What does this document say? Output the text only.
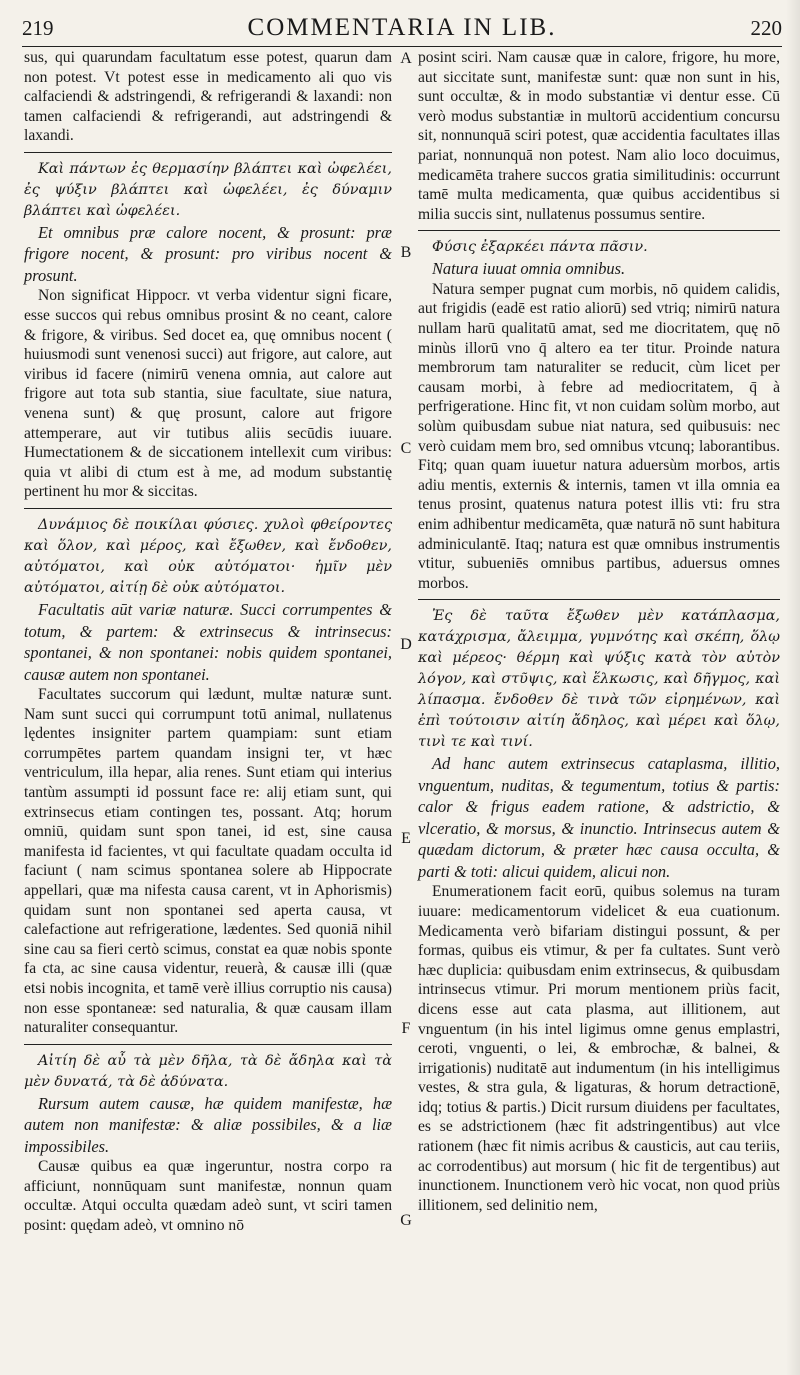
219	COMMENTARIA IN LIB.	220

sus, qui quarundam facultatum esse potest, quarun dam non potest. Vt potest esse in medicamento ali quo vis calfaciendi & adstringendi, & refrigerandi & laxandi: non tamen calfaciendi & refrigerandi, aut adstringendi & laxandi.

Καὶ πάντων ἐς θερμασίην βλάπτει καὶ ὠφελέει, ἐς ψύξιν βλάπτει καὶ ὠφελέει, ἐς δύναμιν βλάπτει καὶ ὠφελέει.

Et omnibus præ calore nocent, & prosunt: præ frigore nocent, & prosunt: pro viribus nocent & prosunt.

Non significat Hippocr. vt verba videntur signi ficare, esse succos qui rebus omnibus prosint & no ceant, calore & frigore, & viribus. Sed docet ea, quę omnibus nocent ( huiusmodi sunt venenosi succi) aut frigore, aut calore, aut viribus id facere (nimirū venena omnia, aut calore aut frigore aut tota sub stantia, siue facultate, siue natura, venena sunt) & quę prosunt, calore aut frigore attemperare, aut vir tutibus aliis secūdis iuuare. Humectationem & de siccationem intellexit cum viribus: quia vt alibi di ctum est à me, ad modum substantię pertinent hu mor & siccitas.

Δυνάμιος δὲ ποικίλαι φύσιες. χυλοὶ φθείροντες καὶ ὅλον, καὶ μέρος, καὶ ἔξωθεν, καὶ ἔνδοθεν, αὐτόματοι, καὶ οὐκ αὐτόματοι· ἡμῖν μὲν αὐτόματοι, αἰτίῃ δὲ οὐκ αὐτόματοι.

Facultatis aūt variæ naturæ. Succi corrumpentes & totum, & partem: & extrinsecus & intrinsecus: spontanei, & non spontanei: nobis quidem spontanei, causæ autem non spontanei.

Facultates succorum qui lædunt, multæ naturæ sunt. Nam sunt succi qui corrumpunt totū animal, nullatenus lędentes insigniter partem quampiam: sunt etiam corrumpētes partem quandam insigni ter, vt hæc ventriculum, illa hepar, alia renes. Sunt etiam qui interius tantùm assumpti id possunt face re: alij etiam sunt, qui extrinsecus etiam contingen tes, possant. Atq; horum omniū, quidam sunt spon tanei, id est, sine causa manifesta id facientes, vt qui facultate quadam occulta id faciunt ( nam scimus spontanea solere ab Hippocrate appellari, quæ ma nifesta causa carent, vt in Aphorismis) quidam sunt non spontanei sed aperta causa, vt calefactione aut refrigeratione, lædentes. Sed quoniā nihil sine cau sa fieri certò scimus, constat ea quæ nobis sponte fa cta, ac sine causa videntur, reuerà, & causæ illi (quæ etsi nobis incognita, et tamē verè illius corruptio nis causa) non esse spontaneæ: sed naturalia, & quæ causam illam naturaliter consequantur.

Αἰτίη δὲ αὖ τὰ μὲν δῆλα, τὰ δὲ ἄδηλα καὶ τὰ μὲν δυνατά, τὰ δὲ ἀδύνατα.

Rursum autem causæ, hæ quidem manifestæ, hæ autem non manifestæ: & aliæ possibiles, & a liæ impossibiles.

Causæ quibus ea quæ ingeruntur, nostra corpo ra afficiunt, nonnūquam sunt manifestæ, nonnun quam occultæ. Atqui occulta quædam adeò sunt, vt sciri tamen posint: quędam adeò, vt omnino nō

posint sciri. Nam causæ quæ in calore, frigore, hu more, aut siccitate sunt, manifestæ sunt: quæ non sunt in his, sunt occultæ, & in modo substantiæ vi dentur esse. Cū verò modus substantiæ in multorū accidentium concursu sit, nonnunquā sciri potest, quæ accidentia facultates illas pariat, nonnunquā non potest. Nam alio loco docuimus, medicamēta trahere succos gratia similitudinis: occurrunt tamē multa medicamenta, quæ quibus accidentibus si milia succis sint, nullatenus possumus sentire.

Φύσις ἐξαρκέει πάντα πᾶσιν.

Natura iuuat omnia omnibus.

Natura semper pugnat cum morbis, nō quidem calidis, aut frigidis (eadē est ratio aliorū) sed vtriq; nimirū natura nullam harū qualitatū amat, sed me diocritatem, quę nō minùs illorū vno q̄ altero ea ter titur. Proinde natura membrorum tam naturaliter se reducit, cùm licet per causam morbi, à febre ad mediocritatem, q̄ à perfrigeratione. Hinc fit, vt non cuidam solùm morbo, aut solùm quibusdam subue niat natura, sed quibusuis: nec verò cuidam mem bro, sed omnibus vtcunq; laborantibus. Fitq; quan quam iuuetur natura aduersùm morbos, artis adiu mentis, externis & internis, tamen vt illa omnia ea tenus prosint, quatenus natura potest illis vti: fru stra enim adhibentur medicamēta, quæ naturā nō sunt habitura adminiculantē. Itaq; natura est quæ omnibus instrumentis vtitur, subueniēs omnibus partibus, aduersus omnes morbos.

Ἐς δὲ ταῦτα ἔξωθεν μὲν κατάπλασμα, κατάχρισμα, ἄλειμμα, γυμνότης καὶ σκέπη, ὅλῳ καὶ μέρεος· θέρμη καὶ ψύξις κατὰ τὸν αὐτὸν λόγον, καὶ στῦψις, καὶ ἕλκωσις, καὶ δῆγμος, καὶ λίπασμα. ἔνδοθεν δὲ τινὰ τῶν εἰρημένων, καὶ ἐπὶ τούτοισιν αἰτίη ἄδηλος, καὶ μέρει καὶ ὅλῳ, τινὶ τε καὶ τινί.

Ad hanc autem extrinsecus cataplasma, illitio, vnguentum, nuditas, & tegumentum, totius & partis: calor & frigus eadem ratione, & adstrictio, & vlceratio, & morsus, & inunctio. Intrinsecus autem & quædam dictorum, & præter hæc causa occulta, & parti & toti: alicui quidem, alicui non.

Enumerationem facit eorū, quibus solemus na turam iuuare: medicamentorum videlicet & eua cuationum. Medicamenta verò bifariam distingui possunt, & per formas, quibus eis vtimur, & per fa cultates. Sunt verò hæc duplicia: quibusdam enim extrinsecus, & quibusdam intrinsecus vtimur. Pri morum mentionem priùs facit, dicens esse aut cata plasma, aut illitionem, aut vnguentum (in his intel ligimus omne genus emplastri, ceroti, vnguenti, o lei, & embrochæ, & balnei, & irrigationis) nuditatē aut indumentum (in his intelligimus vestes, & stra gula, & ligaturas, & horum detractionē, idq; totius & partis.) Dicit rursum diuidens per facultates, es se adstrictionem (hæc fit adstringentibus) aut vlce rationem (hæc fit nimis acribus & causticis, aut cau teriis, ac corrodentibus) aut morsum ( hic fit de tergentibus) aut inunctionem. Inunctionem verò hic vocat, non quod priùs illitionem, sed delinitio nem,

A
B
C
D
E
F
G
